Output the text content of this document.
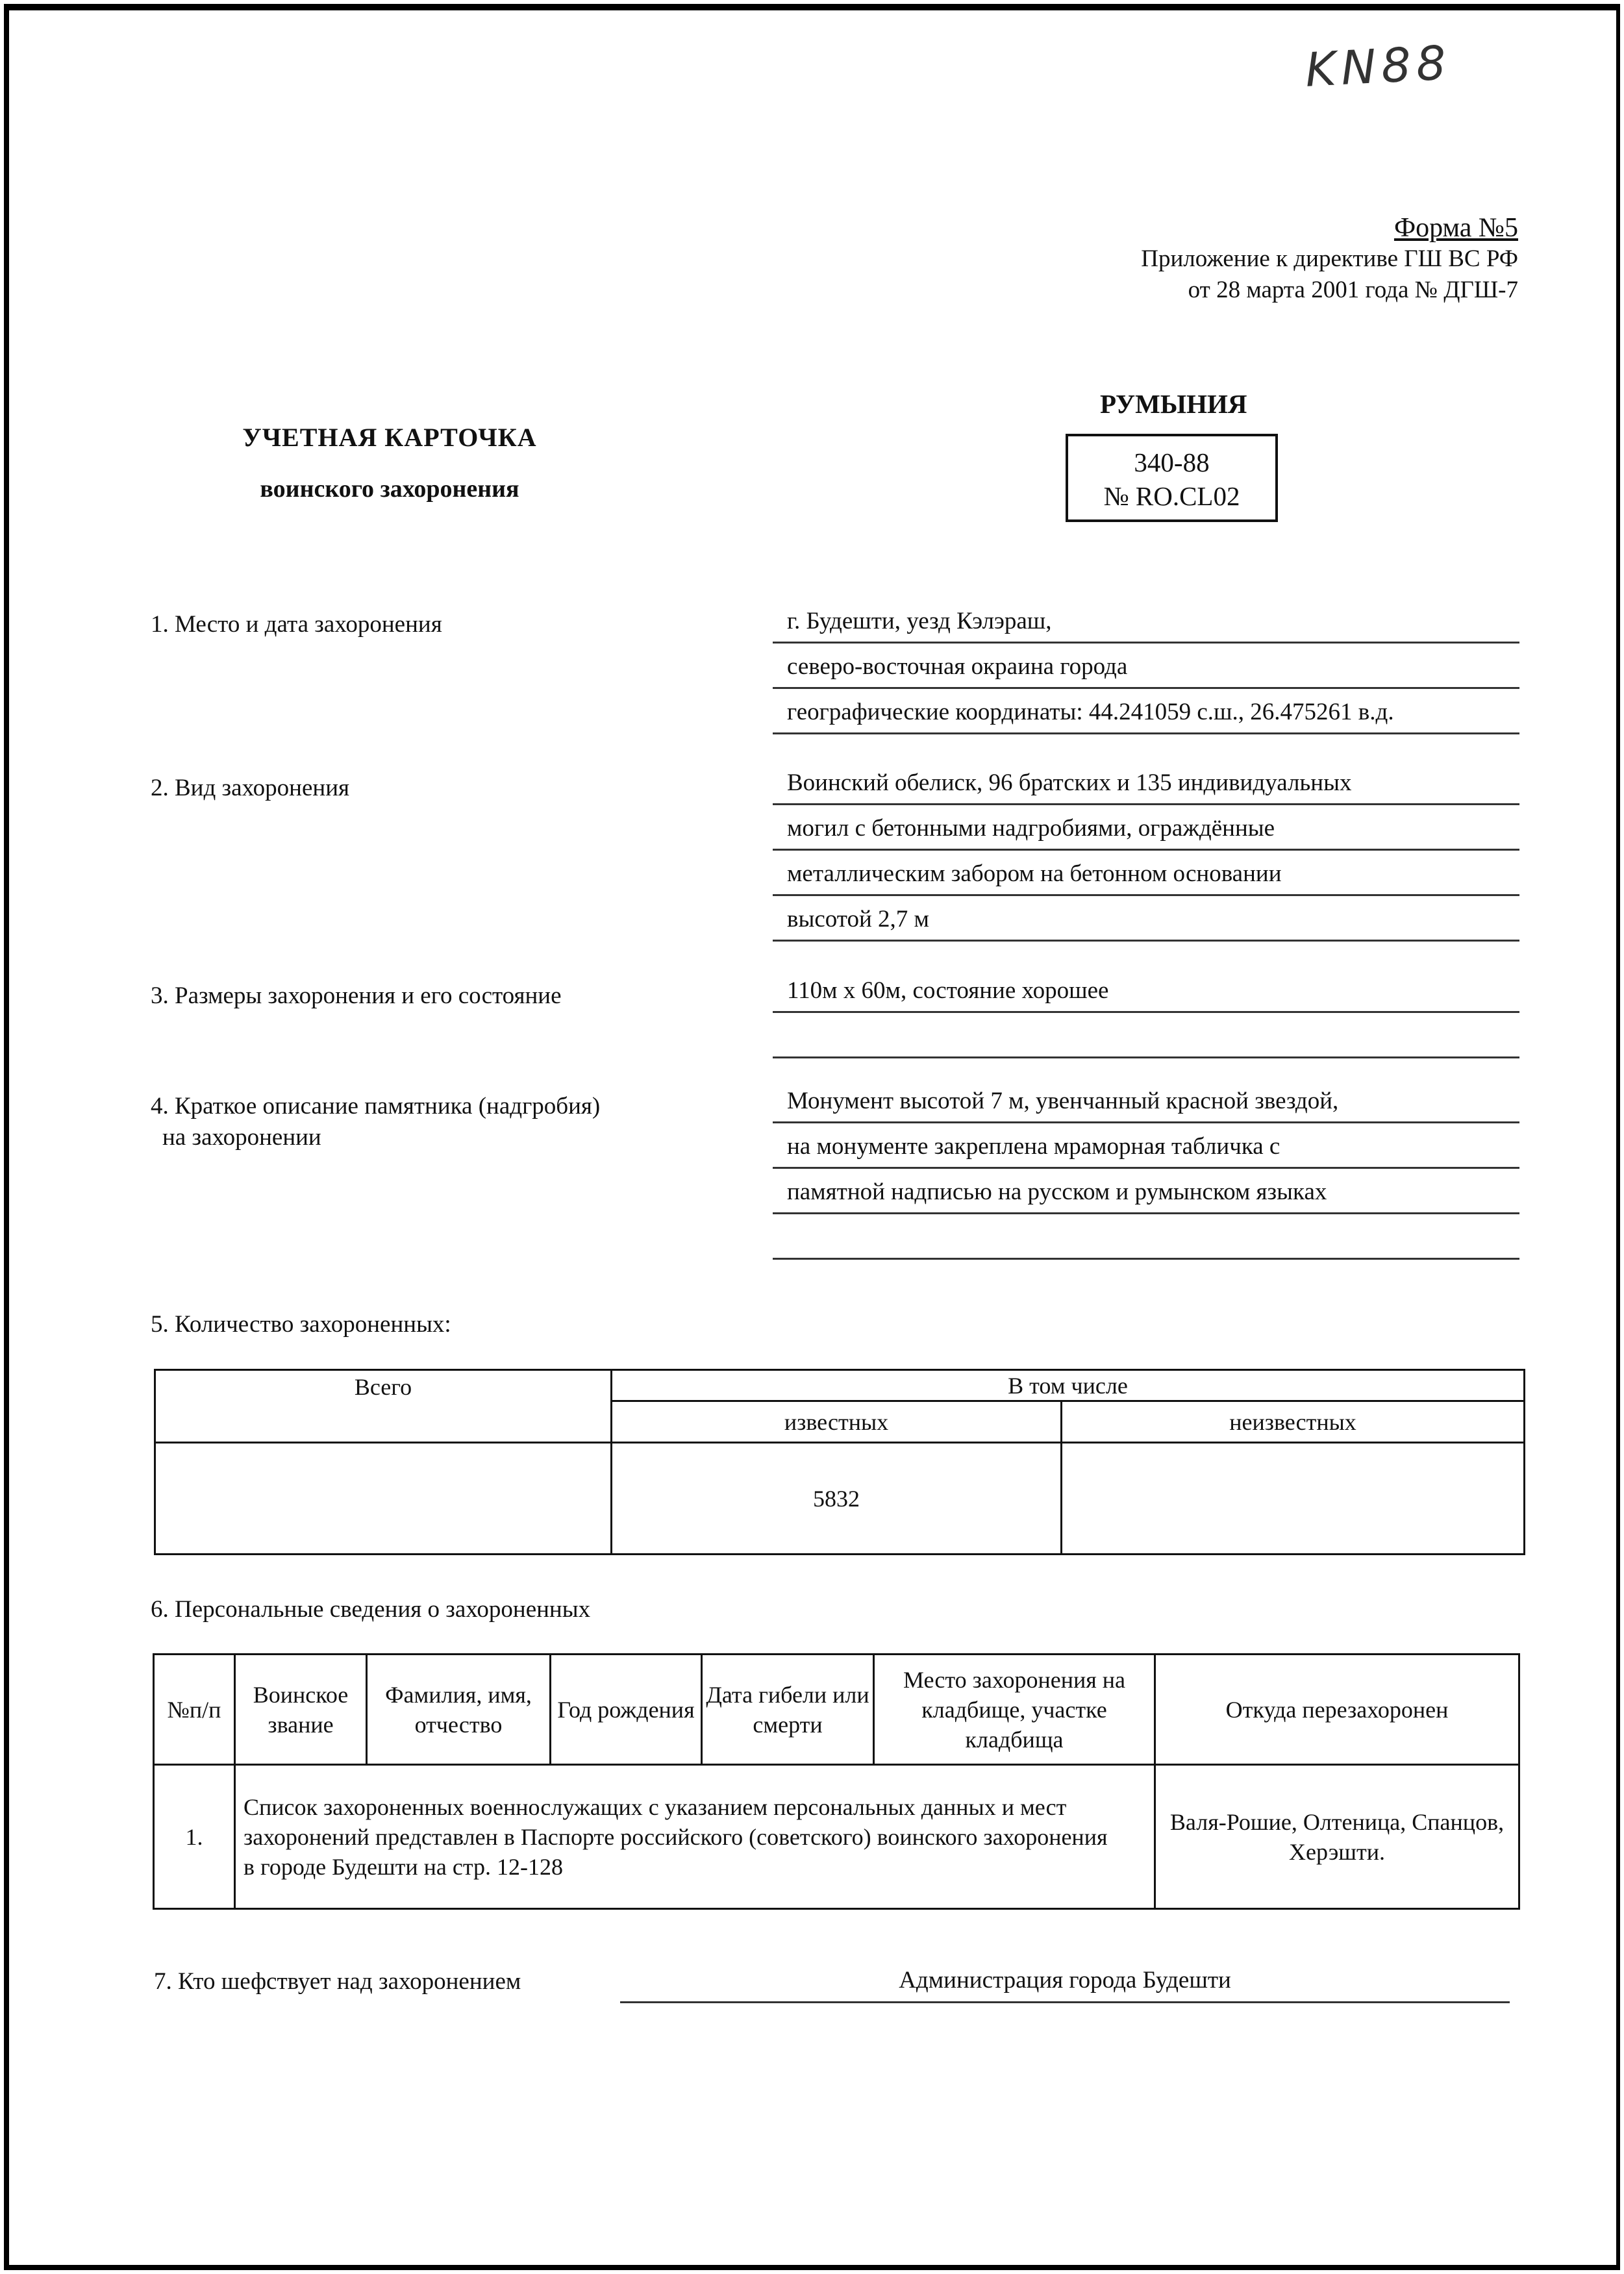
KN88
Форма №5
Приложение к директиве ГШ ВС РФ
от 28 марта 2001 года № ДГШ-7
УЧЕТНАЯ КАРТОЧКА
воинского захоронения
РУМЫНИЯ
340-88
№ RO.CL02
1. Место и дата захоронения	г. Будешти, уезд Кэлэраш,
северо-восточная окраина города
географические координаты: 44.241059 с.ш., 26.475261 в.д.
2. Вид захоронения	Воинский обелиск, 96 братских и 135 индивидуальных
могил с бетонными надгробиями, ограждённые
металлическим забором на бетонном основании
высотой 2,7 м
3. Размеры захоронения и его состояние	110м х 60м, состояние хорошее
4. Краткое описание памятника (надгробия)
на захоронении
Монумент высотой 7 м, увенчанный красной звездой,
на монументе закреплена мраморная табличка с
памятной надписью на русском и румынском языках
5. Количество захороненных:
Всего	В том числе	
	известных	неизвестных
	5832	
6. Персональные сведения о захороненных
№п/п	Воинское звание	Фамилия, имя, отчество	Год рождения	Дата гибели или смерти	Место захоронения на кладбище, участке кладбища	Откуда перезахоронен
1.	Список захороненных военнослужащих с указанием персональных данных и мест захоронений представлен в Паспорте российского (советского) воинского захоронения в городе Будешти на стр. 12-128					Валя-Рошие, Олтеница, Спанцов, Херэшти.
7. Кто шефствует над захоронением	Администрация города Будешти
